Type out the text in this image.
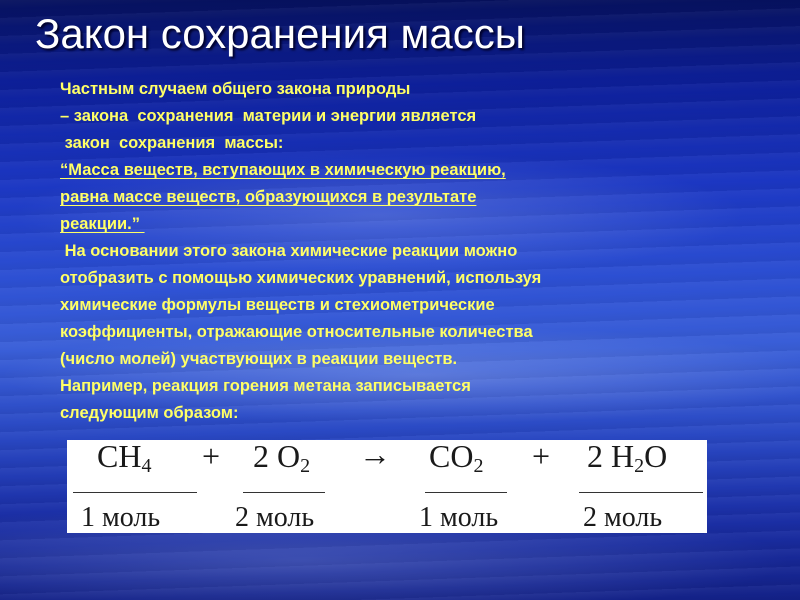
Закон сохранения массы
Частным случаем общего закона природы
– закона  сохранения  материи и энергии является
закон  сохранения  массы:
“Масса веществ, вступающих в химическую реакцию,
равна массе веществ, образующихся в результате
реакции.”
На основании этого закона химические реакции можно
отобразить с помощью химических уравнений, используя
химические формулы веществ и стехиометрические
коэффициенты, отражающие относительные количества
(число молей) участвующих в реакции веществ.
Например, реакция горения метана записывается
следующим образом:
$CH_4 + 2$ $O_2 \to CO_2 + 2$ $H_2O$
1 моль	2 моль	1 моль	2 моль
